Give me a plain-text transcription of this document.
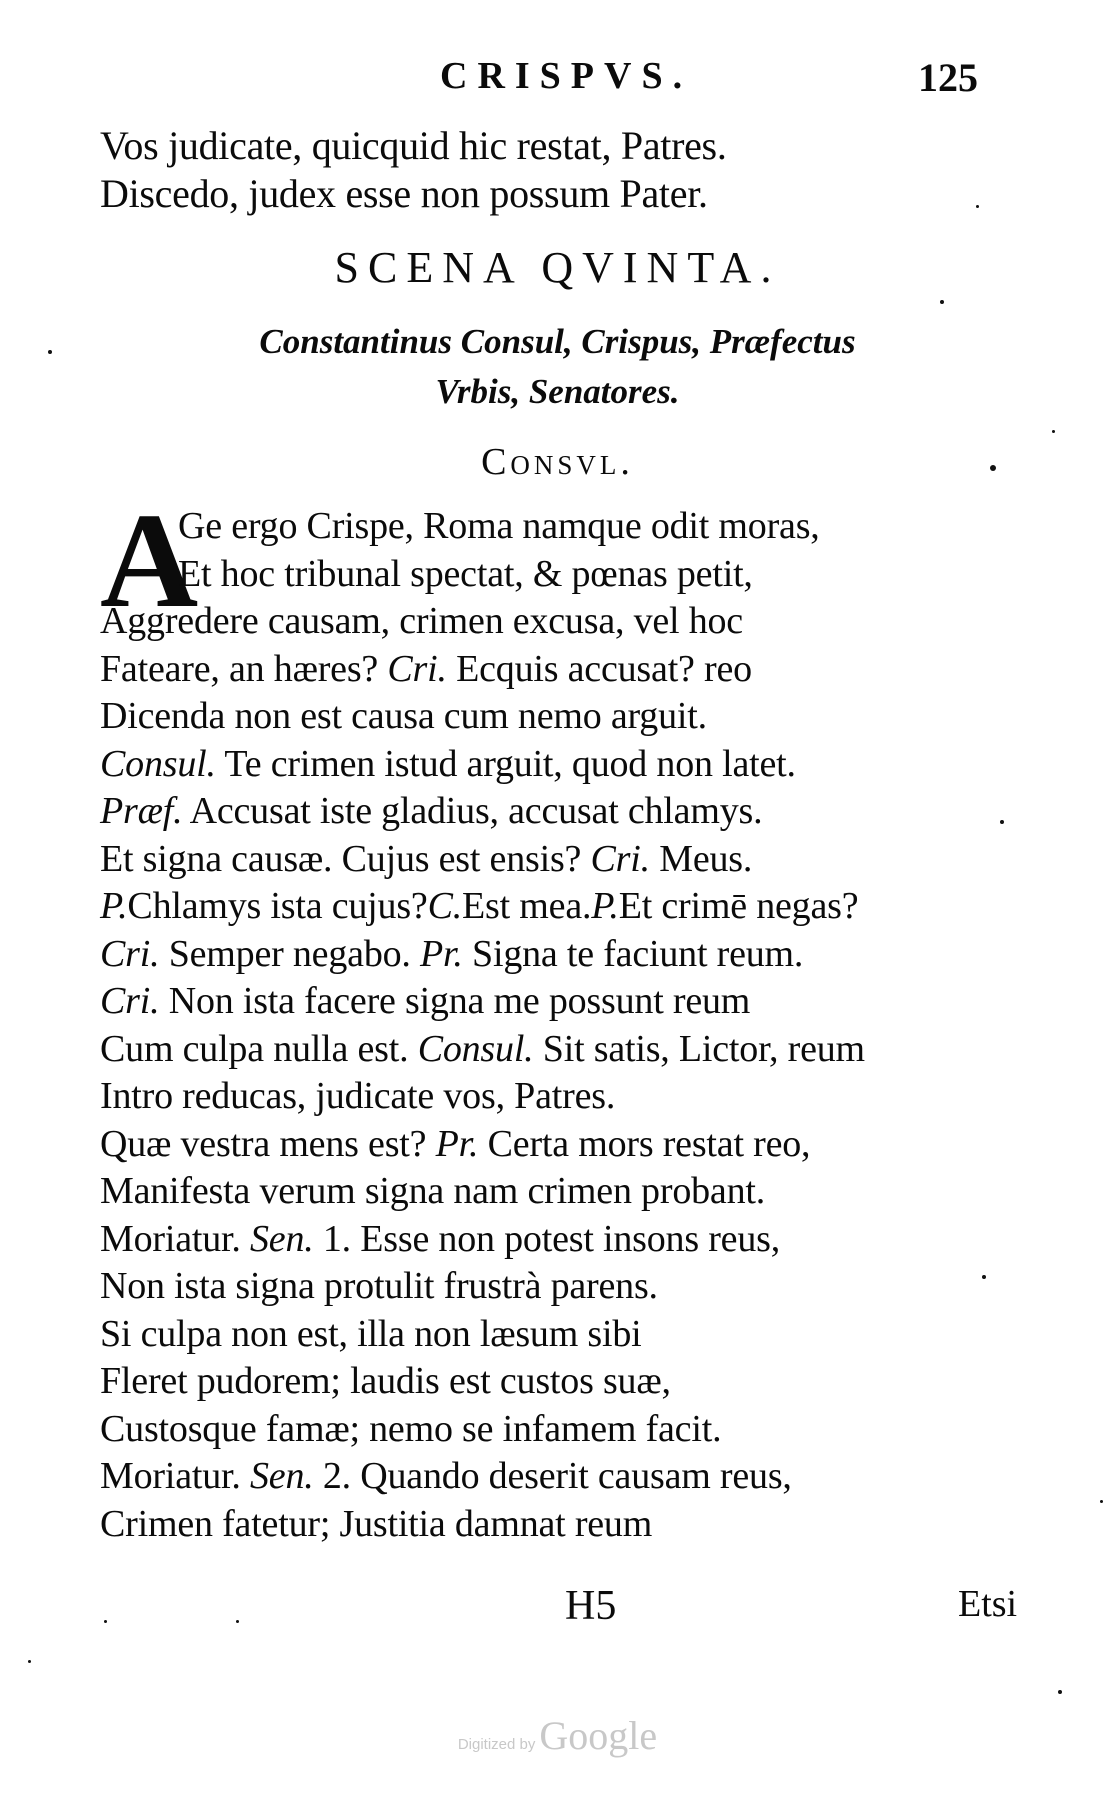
CRISPVS.	125
Vos judicate, quicquid hic restat, Patres.
Discedo, judex esse non possum Pater.
SCENA QVINTA.
Constantinus Consul, Crispus, Præfectus
Vrbis, Senatores.
Consvl.
A
Ge ergo Crispe, Roma namque odit moras,
Et hoc tribunal spectat, & pœnas petit,
Aggredere causam, crimen excusa, vel hoc
Fateare, an hæres? Cri. Ecquis accusat? reo
Dicenda non est causa cum nemo arguit.
Consul. Te crimen istud arguit, quod non latet.
Præf. Accusat iste gladius, accusat chlamys.
Et signa causæ. Cujus est ensis? Cri. Meus.
P.Chlamys ista cujus?C.Est mea.P.Et crimē negas?
Cri. Semper negabo. Pr. Signa te faciunt reum.
Cri. Non ista facere signa me possunt reum
Cum culpa nulla est. Consul. Sit satis, Lictor, reum
Intro reducas, judicate vos, Patres.
Quæ vestra mens est? Pr. Certa mors restat reo,
Manifesta verum signa nam crimen probant.
Moriatur. Sen. 1. Esse non potest insons reus,
Non ista signa protulit frustrà parens.
Si culpa non est, illa non læsum sibi
Fleret pudorem; laudis est custos suæ,
Custosque famæ; nemo se infamem facit.
Moriatur. Sen. 2. Quando deserit causam reus,
Crimen fatetur; Justitia damnat reum
H5	Etsi
Digitized by Google
